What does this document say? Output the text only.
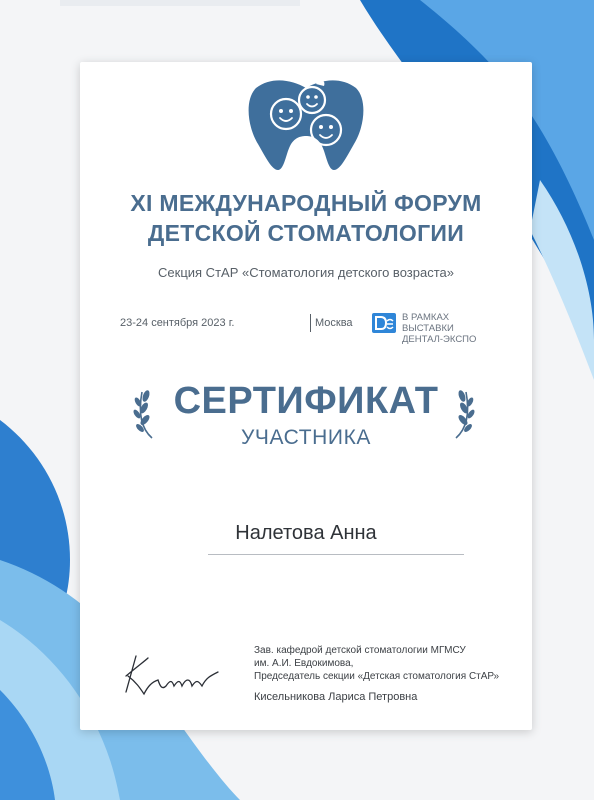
XI МЕЖДУНАРОДНЫЙ ФОРУМ
ДЕТСКОЙ СТОМАТОЛОГИИ
Секция СтАР «Стоматология детского возраста»
23-24 сентября 2023 г.	Москва	В РАМКАХ ВЫСТАВКИ
ДЕНТАЛ-ЭКСПО
СЕРТИФИКАТ
УЧАСТНИКА
Налетова Анна
Зав. кафедрой детской стоматологии МГМСУ
им. А.И. Евдокимова,
Председатель секции «Детская стоматология СтАР»
Кисельникова Лариса Петровна
